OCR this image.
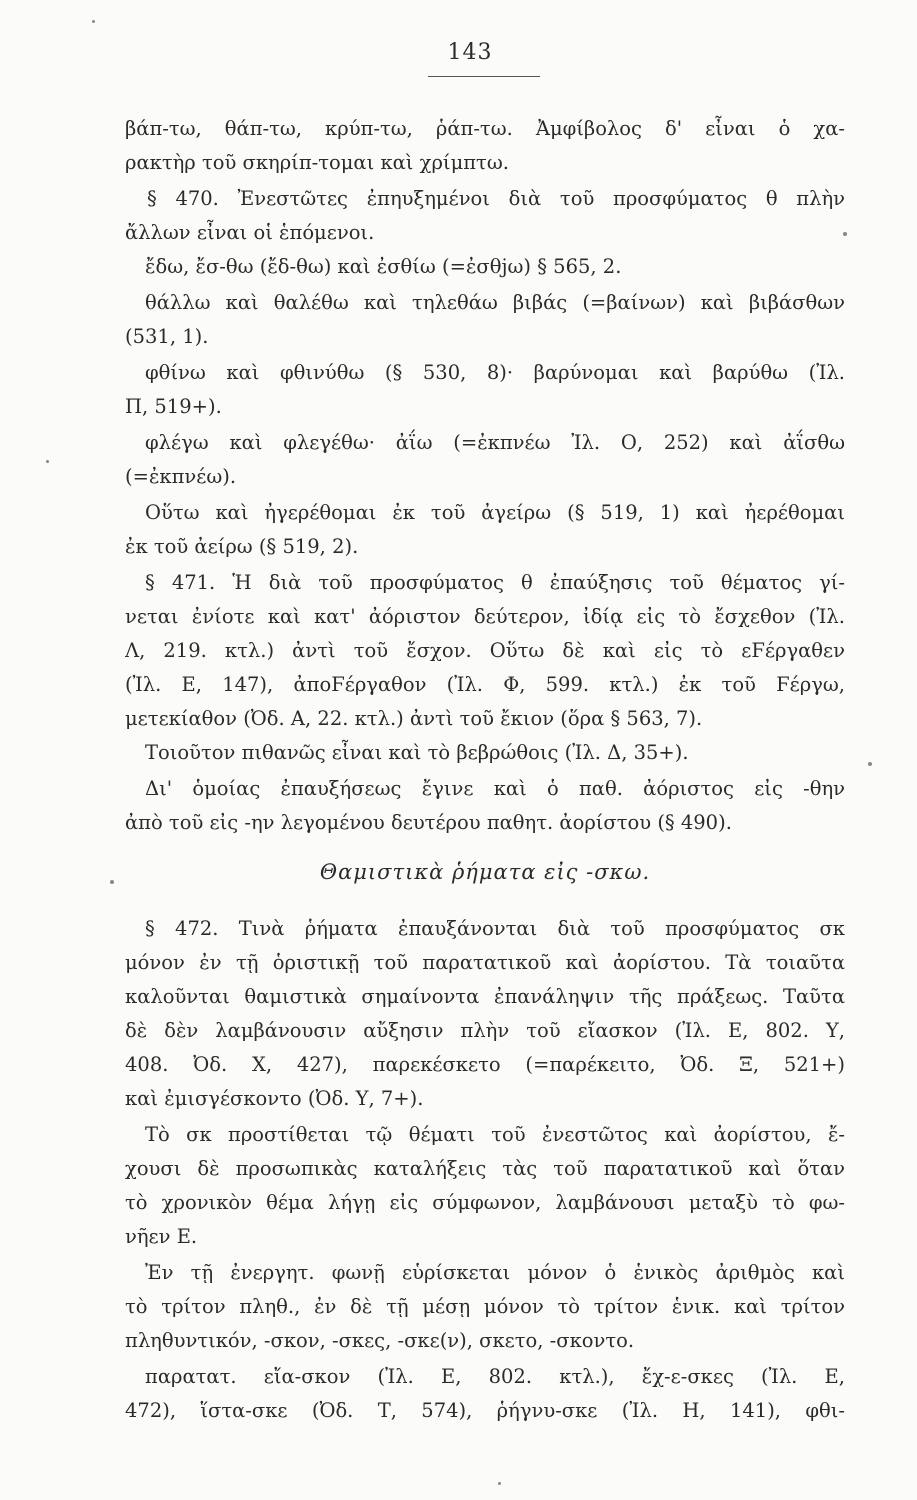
143
βάπ-τω, θάπ-τω, κρύπ-τω, ῥάπ-τω. Ἀμφίβολος δ' εἶναι ὁ χα-
ρακτὴρ τοῦ σκηρίπ-τομαι καὶ χρίμπτω.
§ 470. Ἐνεστῶτες ἐπηυξημένοι διὰ τοῦ προσφύματος θ πλὴν
ἄλλων εἶναι οἱ ἑπόμενοι.
ἔδω, ἔσ-θω (ἔδ-θω) καὶ ἐσθίω (=ἐσθjω) § 565, 2.
θάλλω καὶ θαλέθω καὶ τηλεθάω βιβάς (=βαίνων) καὶ βιβάσθων
(531, 1).
φθίνω καὶ φθινύθω (§ 530, 8)· βαρύνομαι καὶ βαρύθω (Ἰλ.
Π, 519+).
φλέγω καὶ φλεγέθω· ἀΐω (=ἐκπνέω Ἰλ. Ο, 252) καὶ ἀΐσθω
(=ἐκπνέω).
Οὕτω καὶ ἠγερέθομαι ἐκ τοῦ ἀγείρω (§ 519, 1) καὶ ἠερέθομαι
ἐκ τοῦ ἀείρω (§ 519, 2).
§ 471. Ἡ διὰ τοῦ προσφύματος θ ἐπαύξησις τοῦ θέματος γί-
νεται ἐνίοτε καὶ κατ' ἀόριστον δεύτερον, ἰδίᾳ εἰς τὸ ἔσχεθον (Ἰλ.
Λ, 219. κτλ.) ἀντὶ τοῦ ἔσχον. Οὕτω δὲ καὶ εἰς τὸ εϜέργαθεν
(Ἰλ. Ε, 147), ἀποϜέργαθον (Ἰλ. Φ, 599. κτλ.) ἐκ τοῦ Ϝέργω,
μετεκίαθον (Ὀδ. Α, 22. κτλ.) ἀντὶ τοῦ ἔκιον (ὅρα § 563, 7).
Τοιοῦτον πιθανῶς εἶναι καὶ τὸ βεβρώθοις (Ἰλ. Δ, 35+).
Δι' ὁμοίας ἐπαυξήσεως ἔγινε καὶ ὁ παθ. ἀόριστος εἰς -θην
ἀπὸ τοῦ εἰς -ην λεγομένου δευτέρου παθητ. ἀορίστου (§ 490).
Θαμιστικὰ ῥήματα εἰς -σκω.
§ 472. Τινὰ ῥήματα ἐπαυξάνονται διὰ τοῦ προσφύματος σκ
μόνον ἐν τῇ ὁριστικῇ τοῦ παρατατικοῦ καὶ ἀορίστου. Τὰ τοιαῦτα
καλοῦνται θαμιστικὰ σημαίνοντα ἐπανάληψιν τῆς πράξεως. Ταῦτα
δὲ δὲν λαμβάνουσιν αὔξησιν πλὴν τοῦ εἴασκον (Ἰλ. Ε, 802. Υ,
408. Ὀδ. Χ, 427), παρεκέσκετο (=παρέκειτο, Ὀδ. Ξ, 521+)
καὶ ἐμισγέσκοντο (Ὀδ. Υ, 7+).
Τὸ σκ προστίθεται τῷ θέματι τοῦ ἐνεστῶτος καὶ ἀορίστου, ἔ-
χουσι δὲ προσωπικὰς καταλήξεις τὰς τοῦ παρατατικοῦ καὶ ὅταν
τὸ χρονικὸν θέμα λήγῃ εἰς σύμφωνον, λαμβάνουσι μεταξὺ τὸ φω-
νῆεν Ε.
Ἐν τῇ ἐνεργητ. φωνῇ εὑρίσκεται μόνον ὁ ἑνικὸς ἀριθμὸς καὶ
τὸ τρίτον πληθ., ἐν δὲ τῇ μέσῃ μόνον τὸ τρίτον ἑνικ. καὶ τρίτον
πληθυντικόν, -σκον, -σκες, -σκε(ν), σκετο, -σκοντο.
παρατατ. εἴα-σκον (Ἰλ. Ε, 802. κτλ.), ἔχ-ε-σκες (Ἰλ. Ε,
472), ἵστα-σκε (Ὀδ. Τ, 574), ῥήγνυ-σκε (Ἰλ. Η, 141), φθι-
